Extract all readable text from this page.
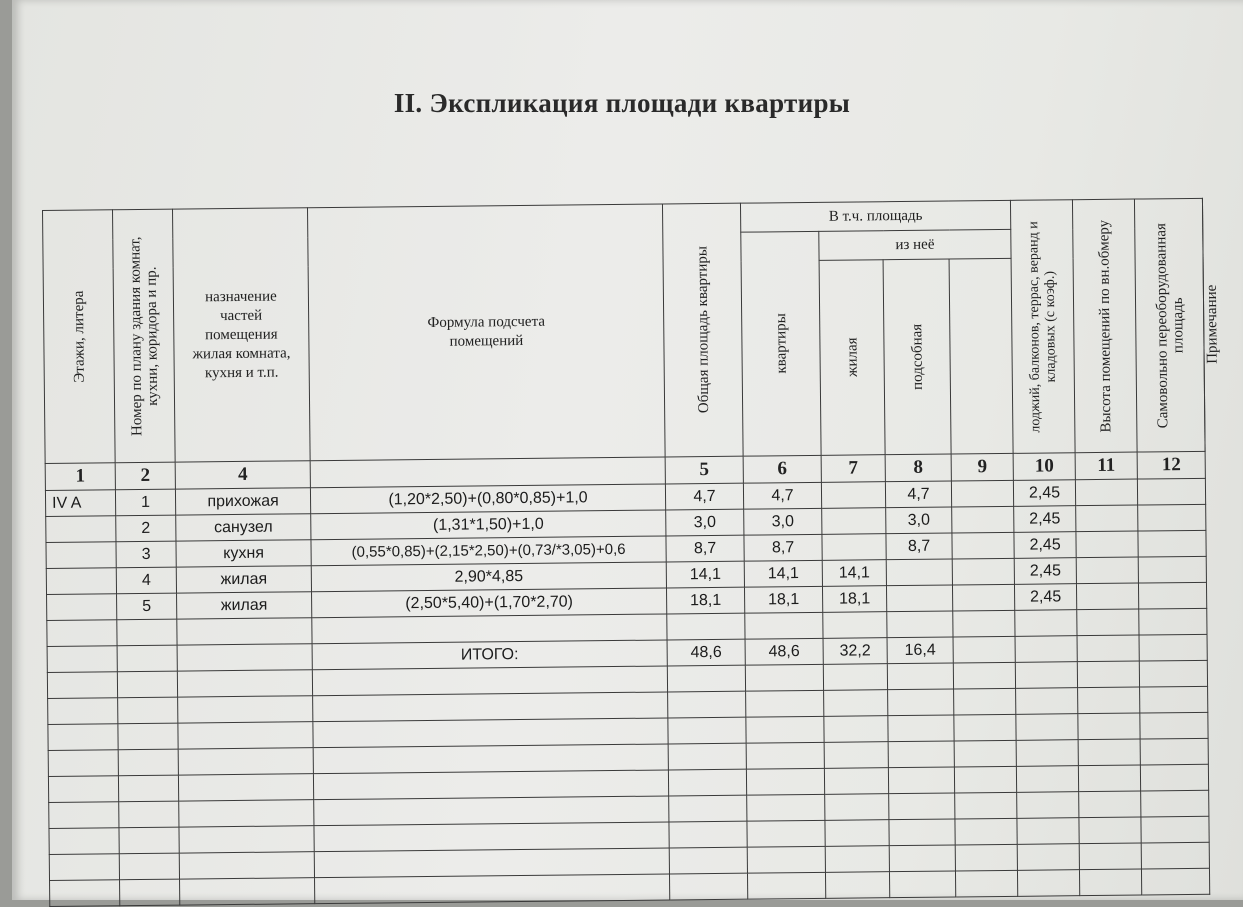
II. Экспликация площади квартиры
Этажи, литера	Номер по плану здания комнат, кухни, коридора и пр.	назначение частей помещения жилая комната, кухня и т.п.	Формула подсчета помещений	Общая площадь квартиры	В т.ч. площадь				лоджий, балконов, террас, веранд и кладовых (с коэф.)	Высота помещений по вн.обмеру	Самовольно переоборудованная площадь	Примечание

					квартиры	из неё						

						жилая	подсобная					

1	2	4		5	6	7	8	9	10	11	12	
IV A	1	прихожая	(1,20*2,50)+(0,80*0,85)+1,0	4,7	4,7		4,7		2,45			
	2	санузел	(1,31*1,50)+1,0	3,0	3,0		3,0		2,45			
	3	кухня	(0,55*0,85)+(2,15*2,50)+(0,73/*3,05)+0,6	8,7	8,7		8,7		2,45			
	4	жилая	2,90*4,85	14,1	14,1	14,1			2,45			
	5	жилая	(2,50*5,40)+(1,70*2,70)	18,1	18,1	18,1			2,45			

			ИТОГО:	48,6	48,6	32,2	16,4					
